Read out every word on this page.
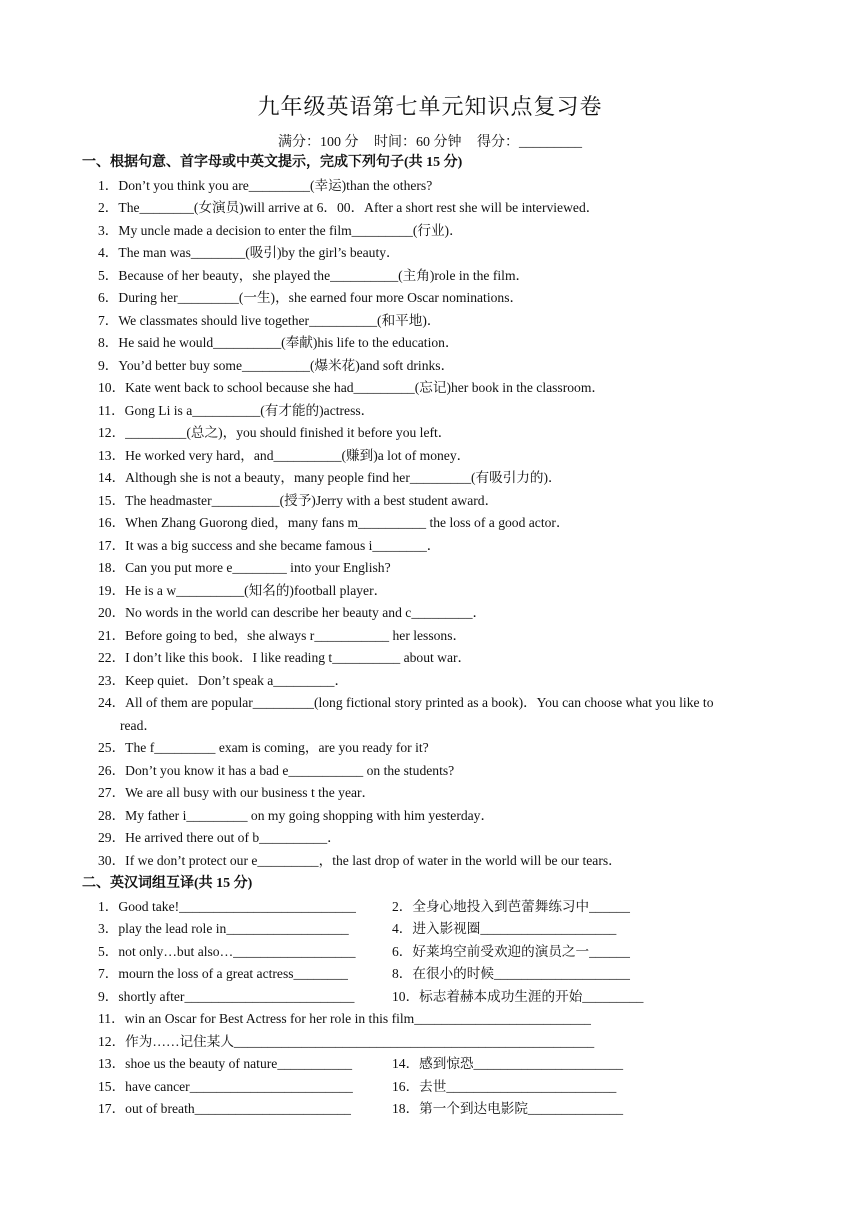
九年级英语第七单元知识点复习卷
满分：100 分 时间：60 分钟 得分：_________
一、根据句意、首字母或中英文提示，完成下列句子(共 15 分)
1．Don’t you think you are_________(幸运)than the others?
2．The________(女演员)will arrive at 6．00．After a short rest she will be interviewed．
3．My uncle made a decision to enter the film_________(行业)．
4．The man was________(吸引)by the girl’s beauty．
5．Because of her beauty，she played the__________(主角)role in the film．
6．During her_________(一生)，she earned four more Oscar nominations．
7．We classmates should live together__________(和平地)．
8．He said he would__________(奉献)his life to the education．
9．You’d better buy some__________(爆米花)and soft drinks．
10．Kate went back to school because she had_________(忘记)her book in the classroom．
11．Gong Li is a__________(有才能的)actress．
12．_________(总之)，you should finished it before you left．
13．He worked very hard，and__________(赚到)a lot of money．
14．Although she is not a beauty，many people find her_________(有吸引力的)．
15．The headmaster__________(授予)Jerry with a best student award．
16．When Zhang Guorong died，many fans m__________ the loss of a good actor．
17．It was a big success and she became famous i________．
18．Can you put more e________ into your English?
19．He is a w__________(知名的)football player．
20．No words in the world can describe her beauty and c_________．
21．Before going to bed，she always r___________ her lessons．
22．I don’t like this book．I like reading t__________ about war．
23．Keep quiet．Don’t speak a_________．
24．All of them are popular_________(long fictional story printed as a book)．You can choose what you like to
read．
25．The f_________ exam is coming，are you ready for it?
26．Don’t you know it has a bad e___________ on the students?
27．We are all busy with our business t the year．
28．My father i_________ on my going shopping with him yesterday．
29．He arrived there out of b__________．
30．If we don’t protect our e_________，the last drop of water in the world will be our tears．
二、英汉词组互译(共 15 分)
1．Good take!__________________________	2．全身心地投入到芭蕾舞练习中______
3．play the lead role in__________________	4．进入影视圈____________________
5．not only…but also…__________________	6．好莱坞空前受欢迎的演员之一______
7．mourn the loss of a great actress________	8．在很小的时候____________________
9．shortly after_________________________	10．标志着赫本成功生涯的开始_________
11．win an Oscar for Best Actress for her role in this film__________________________
12．作为……记住某人_____________________________________________________
13．shoe us the beauty of nature___________	14．感到惊恐______________________
15．have cancer________________________	16．去世_________________________
17．out of breath_______________________	18．第一个到达电影院______________
